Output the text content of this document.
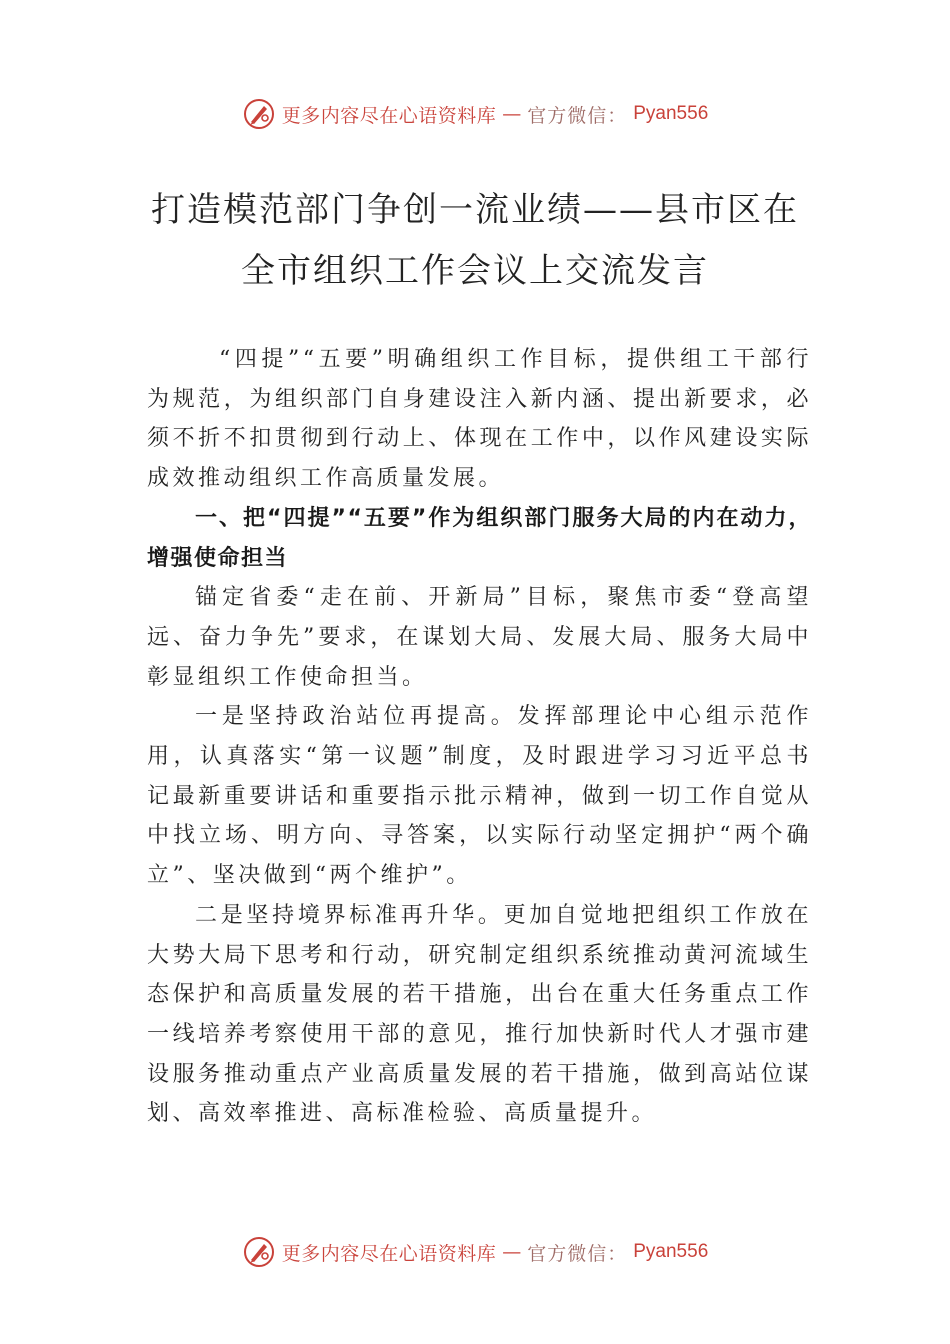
更多内容尽在心语资料库 — 官方微信： Pyan556
打造模范部门争创一流业绩——县市区在
全市组织工作会议上交流发言

“四提”“五要”明确组织工作目标，提供组工干部行为规范，为组织部门自身建设注入新内涵、提出新要求，必须不折不扣贯彻到行动上、体现在工作中，以作风建设实际成效推动组织工作高质量发展。

一、把“四提”“五要”作为组织部门服务大局的内在动力，增强使命担当

锚定省委“走在前、开新局”目标，聚焦市委“登高望远、奋力争先”要求，在谋划大局、发展大局、服务大局中彰显组织工作使命担当。

一是坚持政治站位再提高。发挥部理论中心组示范作用，认真落实“第一议题”制度，及时跟进学习习近平总书记最新重要讲话和重要指示批示精神，做到一切工作自觉从中找立场、明方向、寻答案，以实际行动坚定拥护“两个确立”、坚决做到“两个维护”。

二是坚持境界标准再升华。更加自觉地把组织工作放在大势大局下思考和行动，研究制定组织系统推动黄河流域生态保护和高质量发展的若干措施，出台在重大任务重点工作一线培养考察使用干部的意见，推行加快新时代人才强市建设服务推动重点产业高质量发展的若干措施，做到高站位谋划、高效率推进、高标准检验、高质量提升。

更多内容尽在心语资料库 — 官方微信： Pyan556
